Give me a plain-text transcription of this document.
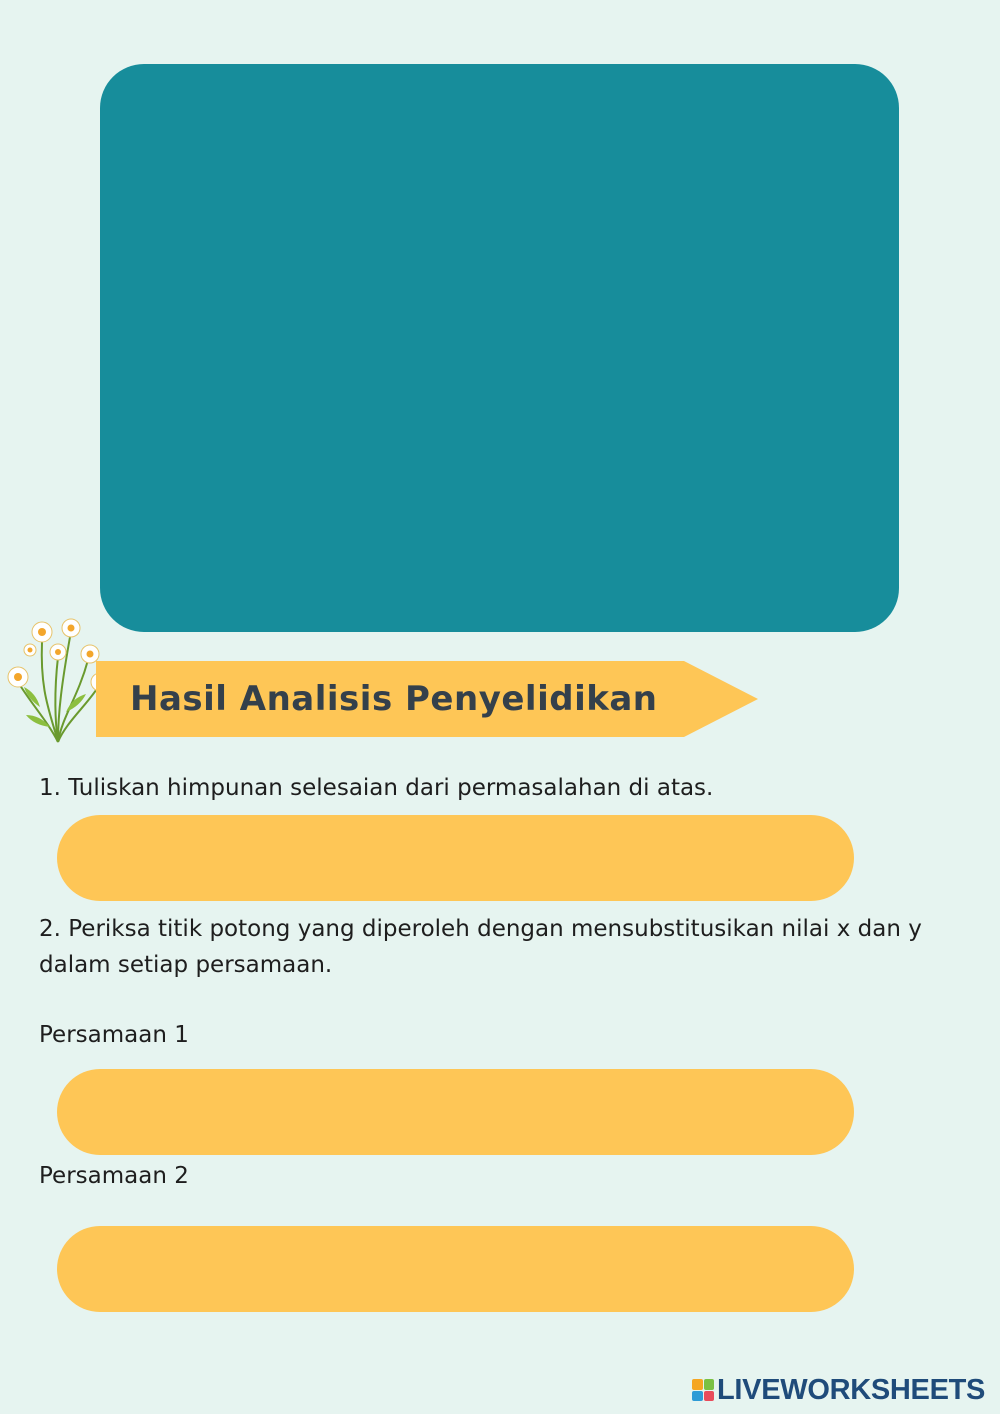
Hasil Analisis Penyelidikan
1. Tuliskan himpunan selesaian dari permasalahan di atas.
2. Periksa titik potong yang diperoleh dengan mensubstitusikan nilai x dan y dalam setiap persamaan.
Persamaan 1
Persamaan 2
LIVEWORKSHEETS
